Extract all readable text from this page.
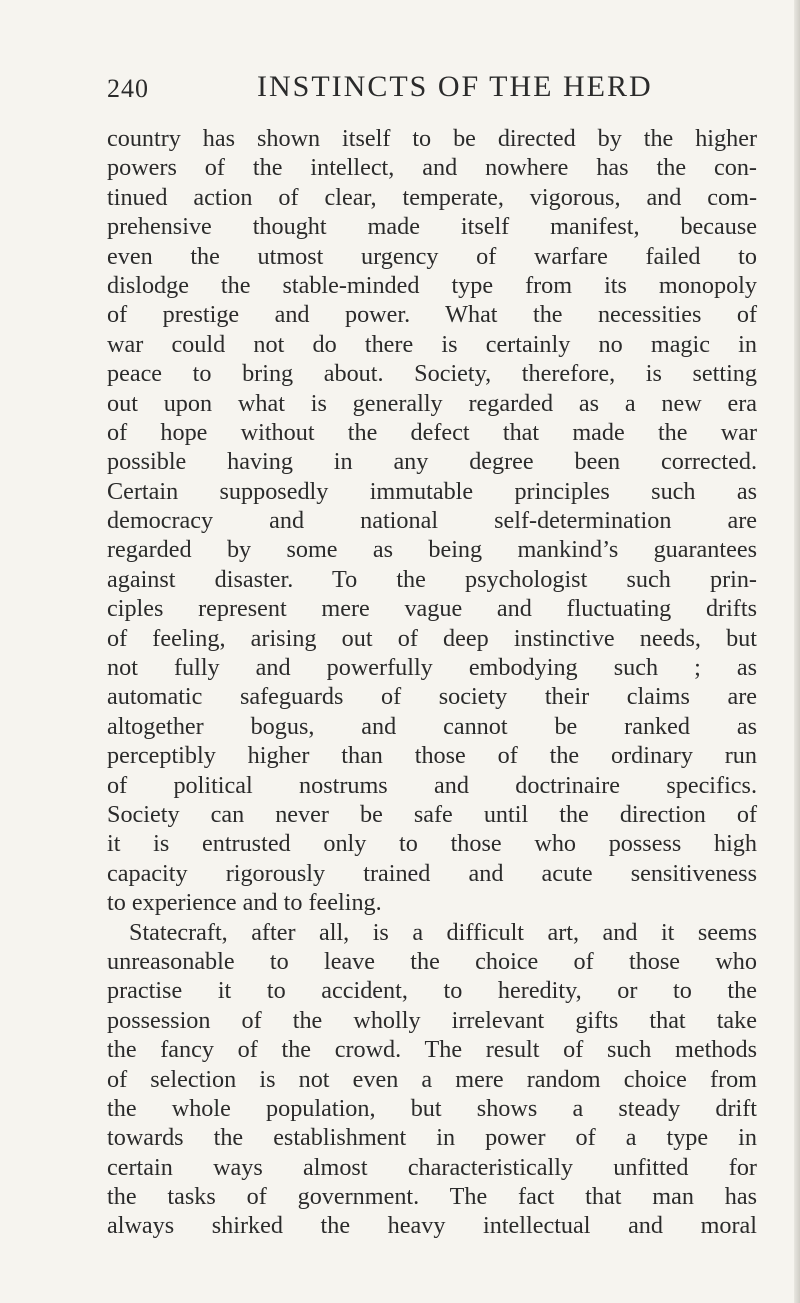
240	INSTINCTS OF THE HERD
country has shown itself to be directed by the higher
powers of the intellect, and nowhere has the con-
tinued action of clear, temperate, vigorous, and com-
prehensive thought made itself manifest, because
even the utmost urgency of warfare failed to
dislodge the stable-minded type from its monopoly
of prestige and power. What the necessities of
war could not do there is certainly no magic in
peace to bring about. Society, therefore, is setting
out upon what is generally regarded as a new era
of hope without the defect that made the war
possible having in any degree been corrected.
Certain supposedly immutable principles such as
democracy and national self-determination are
regarded by some as being mankind’s guarantees
against disaster. To the psychologist such prin-
ciples represent mere vague and fluctuating drifts
of feeling, arising out of deep instinctive needs, but
not fully and powerfully embodying such ; as
automatic safeguards of society their claims are
altogether bogus, and cannot be ranked as
perceptibly higher than those of the ordinary run
of political nostrums and doctrinaire specifics.
Society can never be safe until the direction of
it is entrusted only to those who possess high
capacity rigorously trained and acute sensitiveness
to experience and to feeling.
Statecraft, after all, is a difficult art, and it seems
unreasonable to leave the choice of those who
practise it to accident, to heredity, or to the
possession of the wholly irrelevant gifts that take
the fancy of the crowd. The result of such methods
of selection is not even a mere random choice from
the whole population, but shows a steady drift
towards the establishment in power of a type in
certain ways almost characteristically unfitted for
the tasks of government. The fact that man has
always shirked the heavy intellectual and moral
